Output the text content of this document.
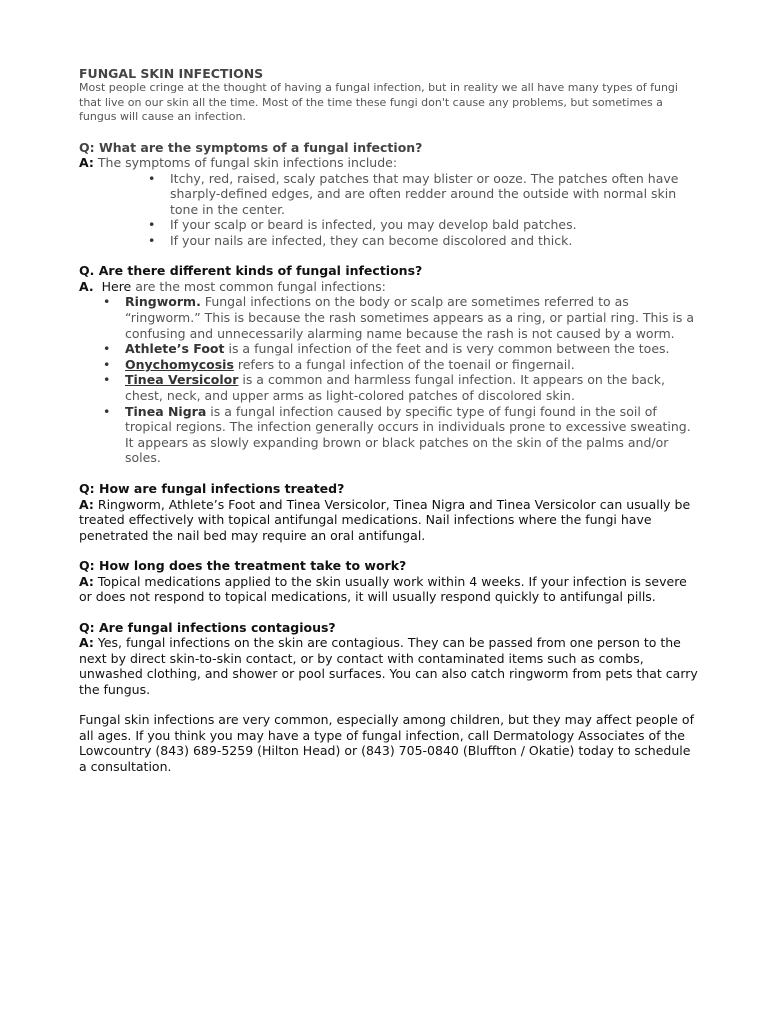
FUNGAL SKIN INFECTIONS

Most people cringe at the thought of having a fungal infection, but in reality we all have many types of fungi that live on our skin all the time. Most of the time these fungi don't cause any problems, but sometimes a fungus will cause an infection.

Q: What are the symptoms of a fungal infection?

A: The symptoms of fungal skin infections include:

• Itchy, red, raised, scaly patches that may blister or ooze. The patches often have sharply-defined edges, and are often redder around the outside with normal skin tone in the center.
• If your scalp or beard is infected, you may develop bald patches.
• If your nails are infected, they can become discolored and thick.

Q. Are there different kinds of fungal infections?

A.  Here are the most common fungal infections:

• Ringworm. Fungal infections on the body or scalp are sometimes referred to as “ringworm.” This is because the rash sometimes appears as a ring, or partial ring. This is a confusing and unnecessarily alarming name because the rash is not caused by a worm.
• Athlete’s Foot is a fungal infection of the feet and is very common between the toes.
• Onychomycosis refers to a fungal infection of the toenail or fingernail.
• Tinea Versicolor is a common and harmless fungal infection. It appears on the back, chest, neck, and upper arms as light-colored patches of discolored skin.
• Tinea Nigra is a fungal infection caused by specific type of fungi found in the soil of tropical regions. The infection generally occurs in individuals prone to excessive sweating. It appears as slowly expanding brown or black patches on the skin of the palms and/or soles.

Q: How are fungal infections treated?

A: Ringworm, Athlete’s Foot and Tinea Versicolor, Tinea Nigra and Tinea Versicolor can usually be treated effectively with topical antifungal medications. Nail infections where the fungi have penetrated the nail bed may require an oral antifungal.

Q: How long does the treatment take to work?

A: Topical medications applied to the skin usually work within 4 weeks. If your infection is severe or does not respond to topical medications, it will usually respond quickly to antifungal pills.

Q: Are fungal infections contagious?

A: Yes, fungal infections on the skin are contagious. They can be passed from one person to the next by direct skin-to-skin contact, or by contact with contaminated items such as combs, unwashed clothing, and shower or pool surfaces. You can also catch ringworm from pets that carry the fungus.

Fungal skin infections are very common, especially among children, but they may affect people of all ages. If you think you may have a type of fungal infection, call Dermatology Associates of the Lowcountry (843) 689-5259 (Hilton Head) or (843) 705-0840 (Bluffton / Okatie) today to schedule a consultation.
